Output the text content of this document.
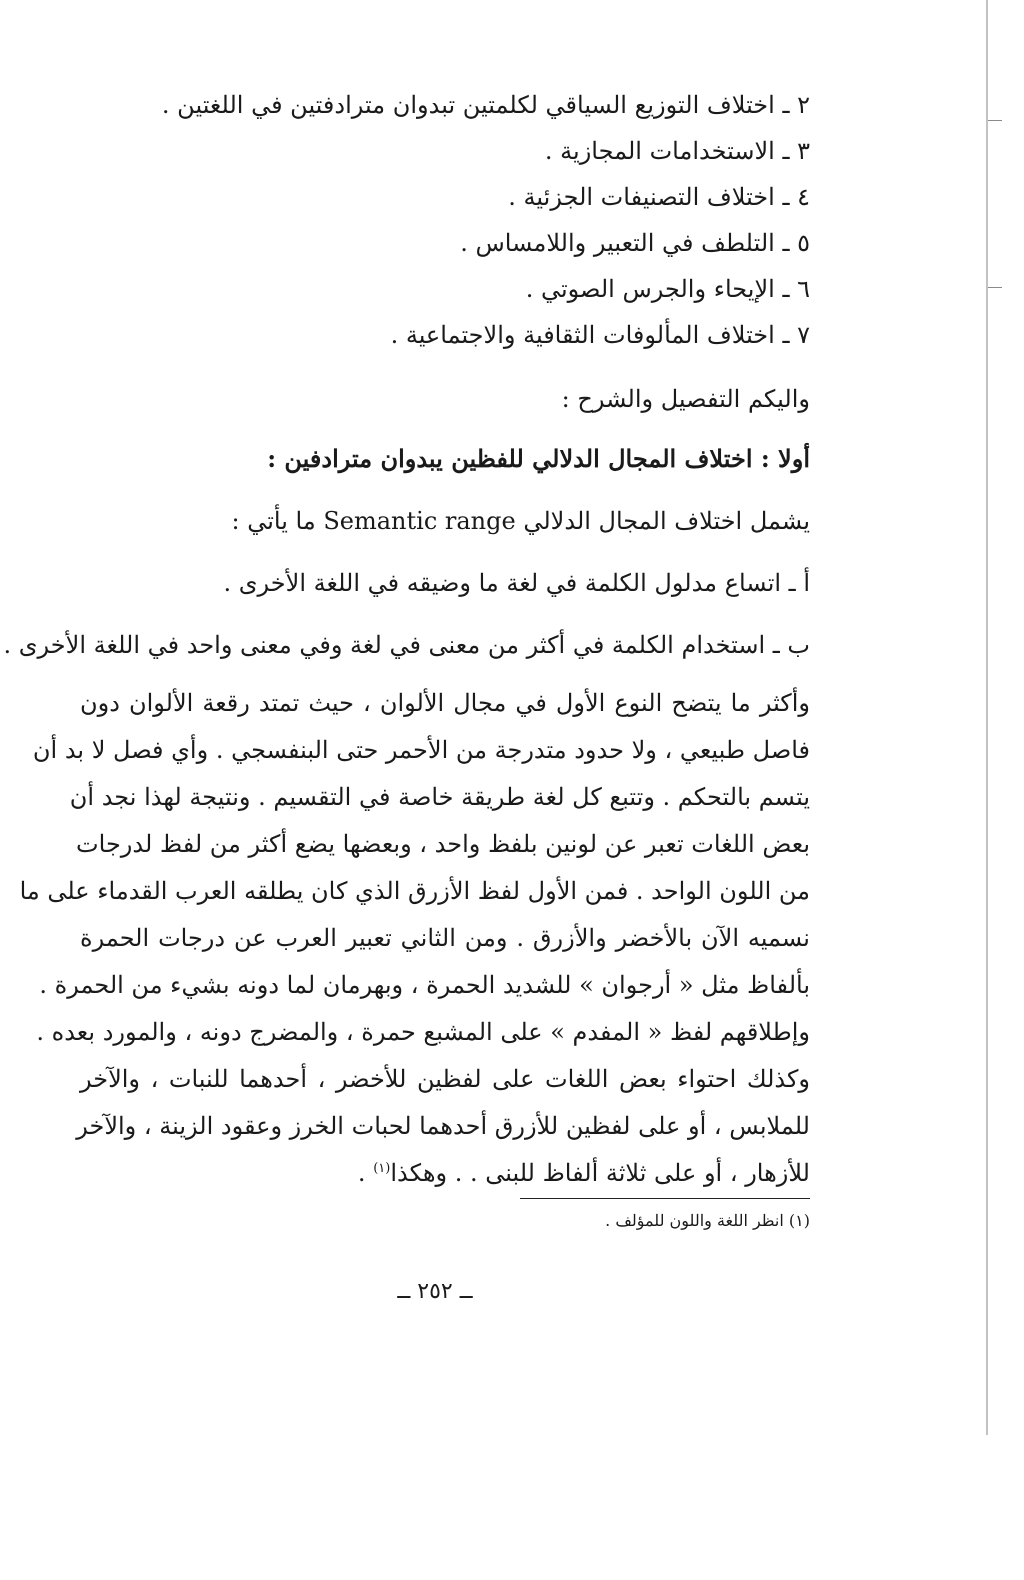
٢ ـ اختلاف التوزيع السياقي لكلمتين تبدوان مترادفتين في اللغتين .
٣ ـ الاستخدامات المجازية .
٤ ـ اختلاف التصنيفات الجزئية .
٥ ـ التلطف في التعبير واللامساس .
٦ ـ الإيحاء والجرس الصوتي .
٧ ـ اختلاف المألوفات الثقافية والاجتماعية .
واليكم التفصيل والشرح :
أولا : اختلاف المجال الدلالي للفظين يبدوان مترادفين :
يشمل اختلاف المجال الدلالي Semantic range ما يأتي :
أ ـ اتساع مدلول الكلمة في لغة ما وضيقه في اللغة الأخرى .
ب ـ استخدام الكلمة في أكثر من معنى في لغة وفي معنى واحد في اللغة الأخرى .
وأكثر ما يتضح النوع الأول في مجال الألوان ، حيث تمتد رقعة الألوان دون
فاصل طبيعي ، ولا حدود متدرجة من الأحمر حتى البنفسجي . وأي فصل لا بد أن
يتسم بالتحكم . وتتبع كل لغة طريقة خاصة في التقسيم . ونتيجة لهذا نجد أن
بعض اللغات تعبر عن لونين بلفظ واحد ، وبعضها يضع أكثر من لفظ لدرجات
من اللون الواحد . فمن الأول لفظ الأزرق الذي كان يطلقه العرب القدماء على ما
نسميه الآن بالأخضر والأزرق . ومن الثاني تعبير العرب عن درجات الحمرة
بألفاظ مثل « أرجوان » للشديد الحمرة ، وبهرمان لما دونه بشيء من الحمرة .
وإطلاقهم لفظ « المفدم » على المشبع حمرة ، والمضرج دونه ، والمورد بعده .
وكذلك احتواء بعض اللغات على لفظين للأخضر ، أحدهما للنبات ، والآخر
للملابس ، أو على لفظين للأزرق أحدهما لحبات الخرز وعقود الزينة ، والآخر
للأزهار ، أو على ثلاثة ألفاظ للبنى . . وهكذا$^{(١)}$ .
(١) انظر اللغة واللون للمؤلف .
ــ ٢٥٢ ــ
